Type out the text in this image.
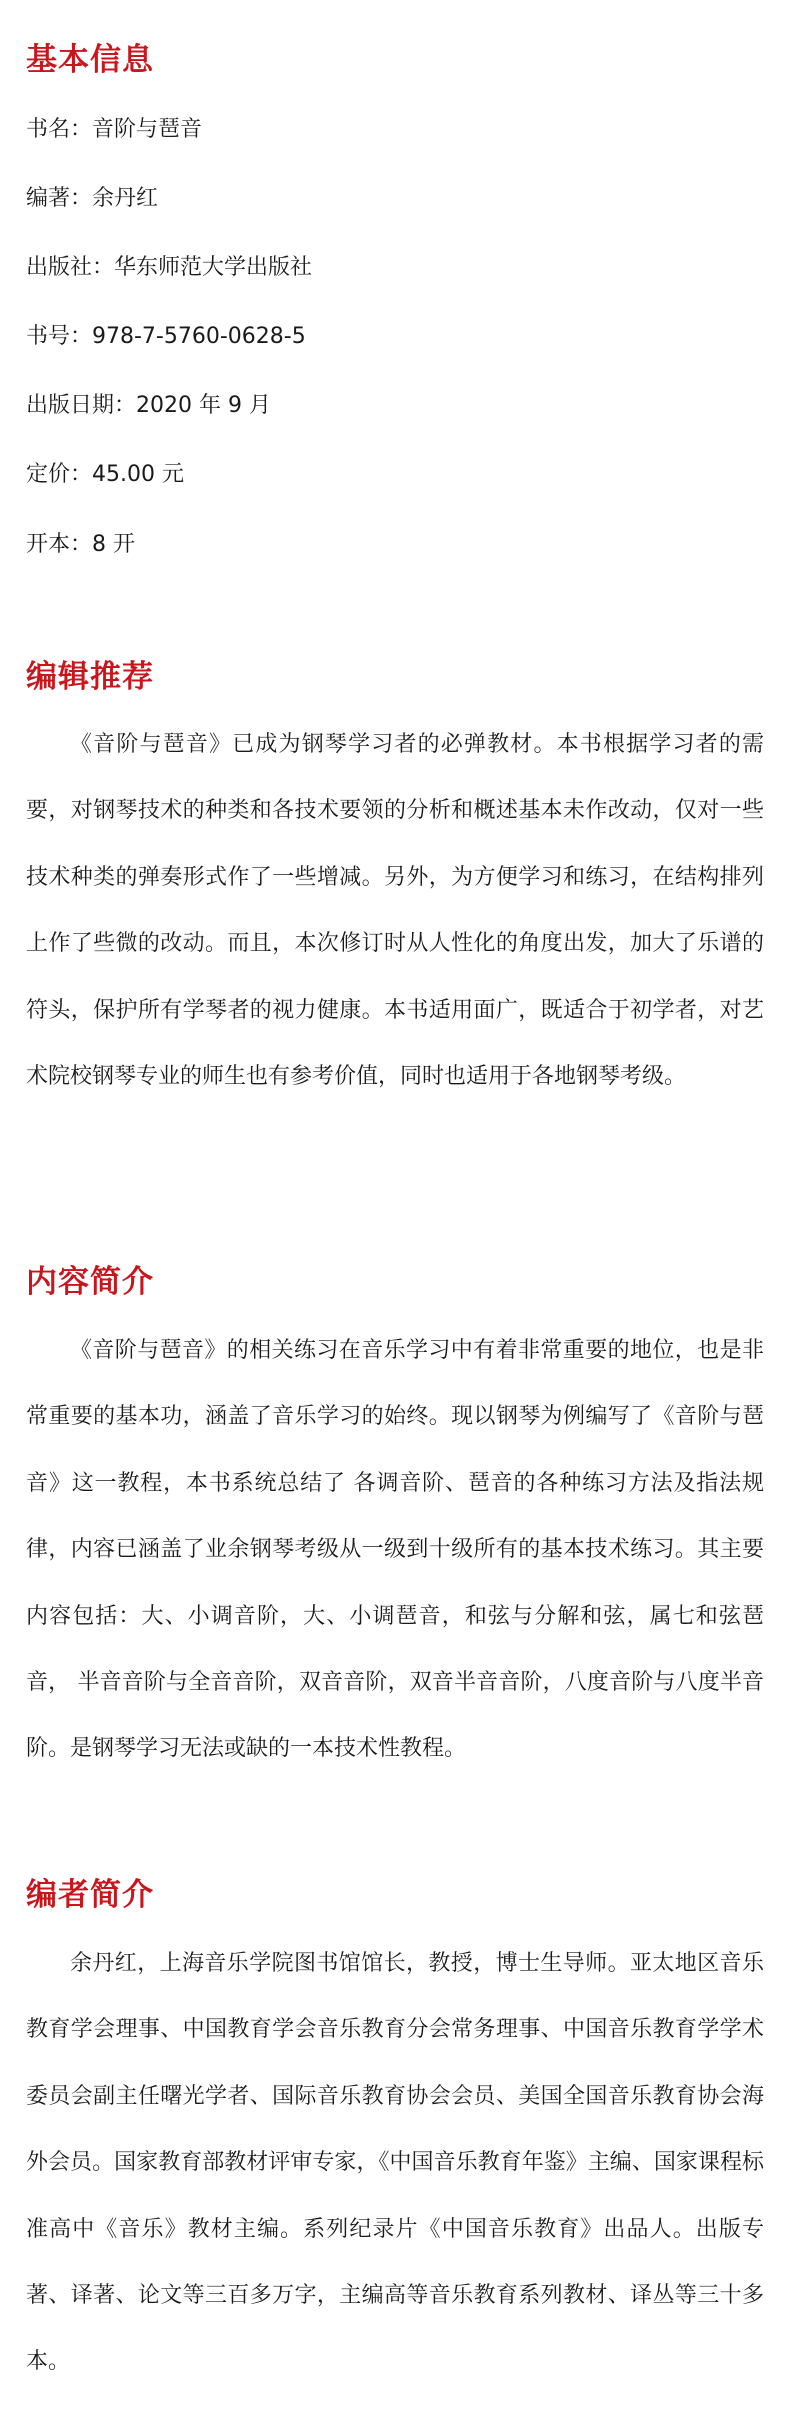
基本信息
书名：音阶与琶音
编著：余丹红
出版社：华东师范大学出版社
书号：978-7-5760-0628-5
出版日期：2020 年 9 月
定价：45.00 元
开本：8 开
编辑推荐

《音阶与琶音》已成为钢琴学习者的必弹教材。本书根据学习者的需要，对钢琴技术的种类和各技术要领的分析和概述基本未作改动，仅对一些技术种类的弹奏形式作了一些增减。另外，为方便学习和练习，在结构排列上作了些微的改动。而且，本次修订时从人性化的角度出发，加大了乐谱的符头，保护所有学琴者的视力健康。本书适用面广，既适合于初学者，对艺术院校钢琴专业的师生也有参考价值，同时也适用于各地钢琴考级。

内容简介

《音阶与琶音》的相关练习在音乐学习中有着非常重要的地位，也是非常重要的基本功，涵盖了音乐学习的始终。现以钢琴为例编写了《音阶与琶音》这一教程，本书系统总结了 各调音阶、琶音的各种练习方法及指法规律，内容已涵盖了业余钢琴考级从一级到十级所有的基本技术练习。其主要内容包括：大、小调音阶，大、小调琶音，和弦与分解和弦，属七和弦琶音， 半音音阶与全音音阶，双音音阶，双音半音音阶，八度音阶与八度半音阶。是钢琴学习无法或缺的一本技术性教程。

编者简介

余丹红，上海音乐学院图书馆馆长，教授，博士生导师。亚太地区音乐教育学会理事、中国教育学会音乐教育分会常务理事、中国音乐教育学学术委员会副主任曙光学者、国际音乐教育协会会员、美国全国音乐教育协会海外会员。国家教育部教材评审专家，《中国音乐教育年鉴》主编、国家课程标准高中《音乐》教材主编。系列纪录片《中国音乐教育》出品人。出版专著、译著、论文等三百多万字，主编高等音乐教育系列教材、译丛等三十多本。
